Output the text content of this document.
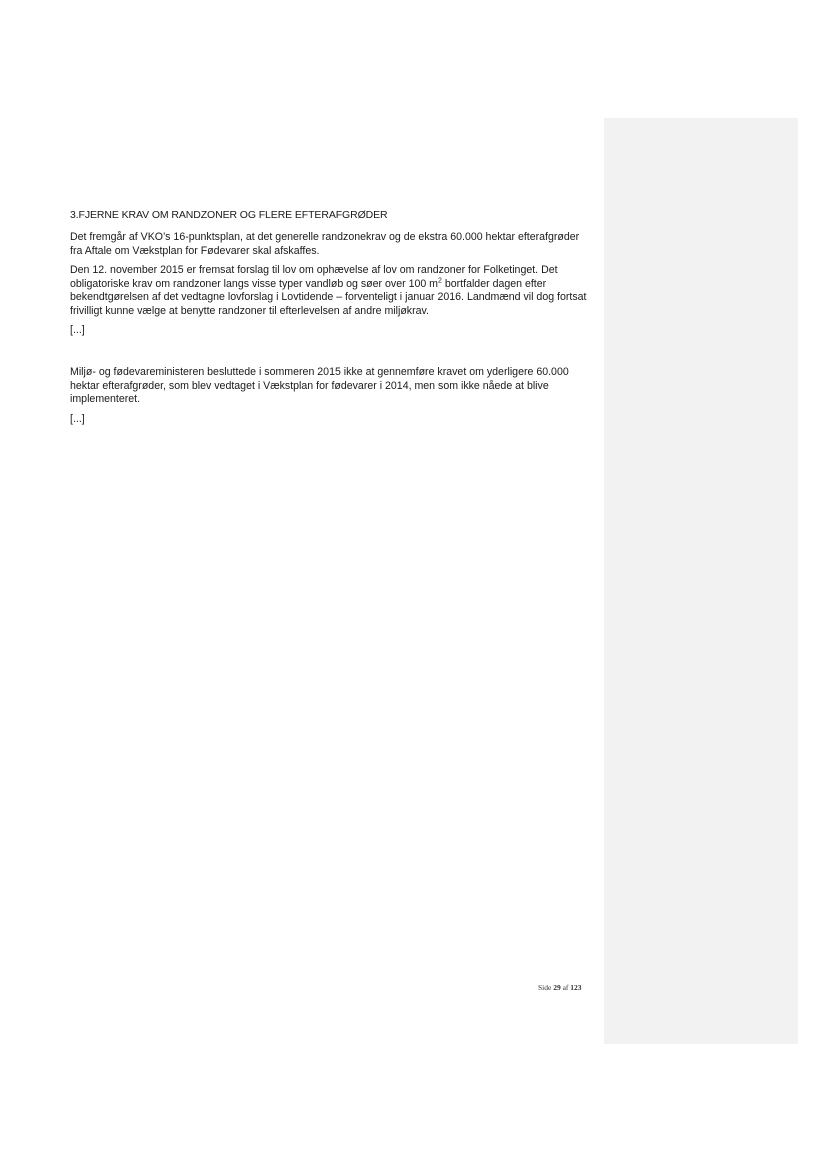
3.FJERNE KRAV OM RANDZONER OG FLERE EFTERAFGRØDER

Det fremgår af VKO’s 16-punktsplan, at det generelle randzonekrav og de ekstra 60.000 hektar efterafgrøder fra Aftale om Vækstplan for Fødevarer skal afskaffes.

Den 12. november 2015 er fremsat forslag til lov om ophævelse af lov om randzoner for Folketinget. Det obligatoriske krav om randzoner langs visse typer vandløb og søer over 100 $m^2$ bortfalder dagen efter bekendtgørelsen af det vedtagne lovforslag i Lovtidende – forventeligt i januar 2016. Landmænd vil dog fortsat frivilligt kunne vælge at benytte randzoner til efterlevelsen af andre miljøkrav.

[...]

Miljø- og fødevareministeren besluttede i sommeren 2015 ikke at gennemføre kravet om yderligere 60.000 hektar efterafgrøder, som blev vedtaget i Vækstplan for fødevarer i 2014, men som ikke nåede at blive implementeret.

[...]

Side 29 af 123
